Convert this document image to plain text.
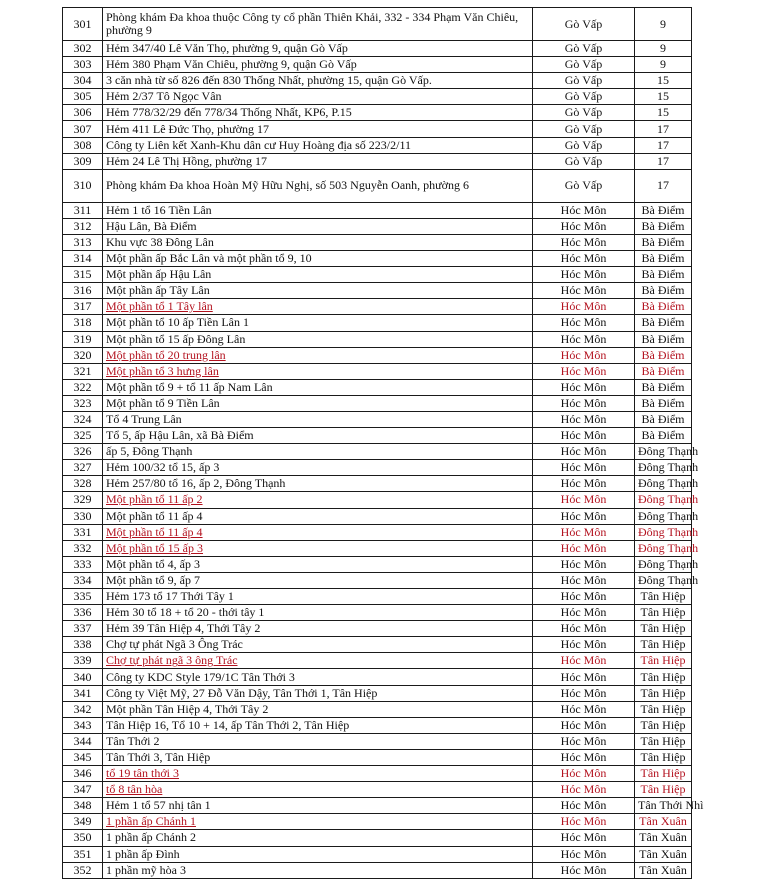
301	Phòng khám Đa khoa thuộc Công ty cổ phần Thiên Khải, 332 - 334 Phạm Văn Chiêu, phường 9	Gò Vấp	9
302	Hẻm 347/40 Lê Văn Thọ, phường 9, quận Gò Vấp	Gò Vấp	9
303	Hẻm 380 Phạm Văn Chiêu, phường 9, quận Gò Vấp	Gò Vấp	9
304	3 căn nhà từ số 826 đến 830 Thống Nhất, phường 15, quận Gò Vấp.	Gò Vấp	15
305	Hẻm 2/37 Tô Ngọc Vân	Gò Vấp	15
306	Hẻm 778/32/29 đến 778/34 Thống Nhất, KP6, P.15	Gò Vấp	15
307	Hẻm 411 Lê Đức Thọ, phường 17	Gò Vấp	17
308	Công ty Liên kết Xanh-Khu dân cư Huy Hoàng địa số 223/2/11	Gò Vấp	17
309	Hẻm 24 Lê Thị Hồng, phường 17	Gò Vấp	17
310	Phòng khám Đa khoa Hoàn Mỹ Hữu Nghị, số 503 Nguyễn Oanh, phường 6	Gò Vấp	17
311	Hẻm 1 tổ 16 Tiền Lân	Hóc Môn	Bà Điểm
312	Hậu Lân, Bà Điểm	Hóc Môn	Bà Điểm
313	Khu vực 38 Đông Lân	Hóc Môn	Bà Điểm
314	Một phần ấp Bắc Lân và một phần tổ 9, 10	Hóc Môn	Bà Điểm
315	Một phần ấp Hậu Lân	Hóc Môn	Bà Điểm
316	Một phần ấp Tây Lân	Hóc Môn	Bà Điểm
317	Một phần tổ 1 Tây lân	Hóc Môn	Bà Điểm
318	Một phần tổ 10 ấp Tiền Lân 1	Hóc Môn	Bà Điểm
319	Một phần tổ 15 ấp Đông Lân	Hóc Môn	Bà Điểm
320	Một phần tổ 20 trung lân	Hóc Môn	Bà Điểm
321	Một phần tổ 3 hưng lân	Hóc Môn	Bà Điểm
322	Một phần tổ 9 + tổ 11 ấp Nam Lân	Hóc Môn	Bà Điểm
323	Một phần tổ 9 Tiền Lân	Hóc Môn	Bà Điểm
324	Tổ 4 Trung Lân	Hóc Môn	Bà Điểm
325	Tổ 5, ấp Hậu Lân, xã Bà Điểm	Hóc Môn	Bà Điểm
326	ấp 5, Đông Thạnh	Hóc Môn	Đông Thạnh
327	Hẻm 100/32 tổ 15, ấp 3	Hóc Môn	Đông Thạnh
328	Hẻm 257/80 tổ 16, ấp 2, Đông Thạnh	Hóc Môn	Đông Thạnh
329	Một phần tổ 11 ấp 2	Hóc Môn	Đông Thạnh
330	Một phần tổ 11 ấp 4	Hóc Môn	Đông Thạnh
331	Một phần tổ 11 ấp 4	Hóc Môn	Đông Thạnh
332	Một phần tổ 15 ấp 3	Hóc Môn	Đông Thạnh
333	Một phần tổ 4, ấp 3	Hóc Môn	Đông Thạnh
334	Một phần tổ 9, ấp 7	Hóc Môn	Đông Thạnh
335	Hẻm 173 tổ 17 Thới Tây 1	Hóc Môn	Tân Hiệp
336	Hẻm 30 tổ 18 + tổ 20 - thới tây 1	Hóc Môn	Tân Hiệp
337	Hẻm 39 Tân Hiệp 4, Thới Tây 2	Hóc Môn	Tân Hiệp
338	Chợ tự phát Ngã 3 Ông Trác	Hóc Môn	Tân Hiệp
339	Chợ tự phát ngã 3 ông Trác	Hóc Môn	Tân Hiệp
340	Công ty KDC Style 179/1C Tân Thới 3	Hóc Môn	Tân Hiệp
341	Công ty Việt Mỹ, 27 Đỗ Văn Dậy, Tân Thới 1, Tân Hiệp	Hóc Môn	Tân Hiệp
342	Một phần Tân Hiệp 4, Thới Tây 2	Hóc Môn	Tân Hiệp
343	Tân Hiệp 16, Tổ 10 + 14, ấp Tân Thới 2, Tân Hiệp	Hóc Môn	Tân Hiệp
344	Tân Thới 2	Hóc Môn	Tân Hiệp
345	Tân Thới 3, Tân Hiệp	Hóc Môn	Tân Hiệp
346	tổ 19 tân thới 3	Hóc Môn	Tân Hiệp
347	tổ 8 tân hòa	Hóc Môn	Tân Hiệp
348	Hẻm 1 tổ 57 nhị tân 1	Hóc Môn	Tân Thới Nhì
349	1 phần ấp Chánh 1	Hóc Môn	Tân Xuân
350	1 phần ấp Chánh 2	Hóc Môn	Tân Xuân
351	1 phần ấp Đình	Hóc Môn	Tân Xuân
352	1 phần mỹ hòa 3	Hóc Môn	Tân Xuân
